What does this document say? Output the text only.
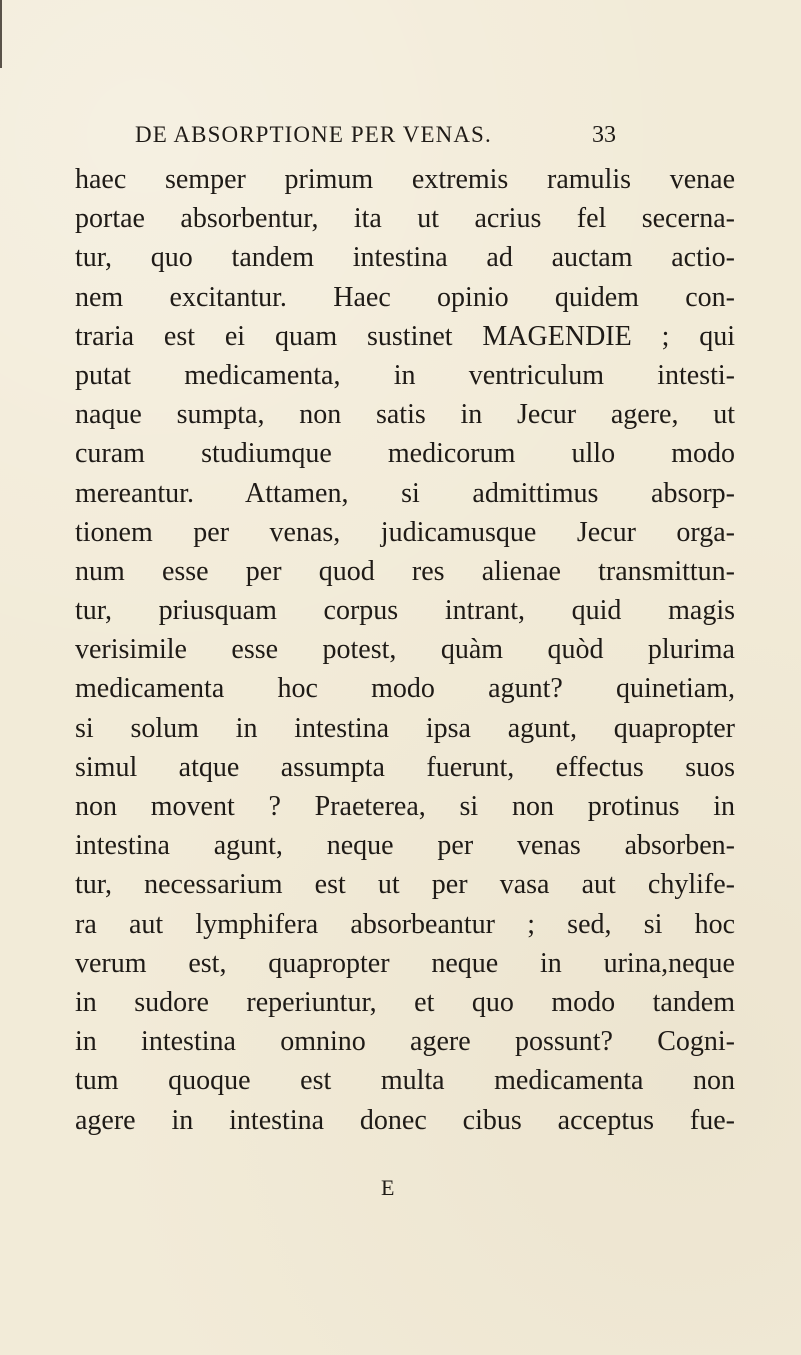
DE ABSORPTIONE PER VENAS.	33
haec semper primum extremis ramulis venae
portae absorbentur, ita ut acrius fel secerna-
tur, quo tandem intestina ad auctam actio-
nem excitantur. Haec opinio quidem con-
traria est ei quam sustinet MAGENDIE ; qui
putat medicamenta, in ventriculum intesti-
naque sumpta, non satis in Jecur agere, ut
curam studiumque medicorum ullo modo
mereantur. Attamen, si admittimus absorp-
tionem per venas, judicamusque Jecur orga-
num esse per quod res alienae transmittun-
tur, priusquam corpus intrant, quid magis
verisimile esse potest, quàm quòd plurima
medicamenta hoc modo agunt? quinetiam,
si solum in intestina ipsa agunt, quapropter
simul atque assumpta fuerunt, effectus suos
non movent ? Praeterea, si non protinus in
intestina agunt, neque per venas absorben-
tur, necessarium est ut per vasa aut chylife-
ra aut lymphifera absorbeantur ; sed, si hoc
verum est, quapropter neque in urina,neque
in sudore reperiuntur, et quo modo tandem
in intestina omnino agere possunt? Cogni-
tum quoque est multa medicamenta non
agere in intestina donec cibus acceptus fue-
E
